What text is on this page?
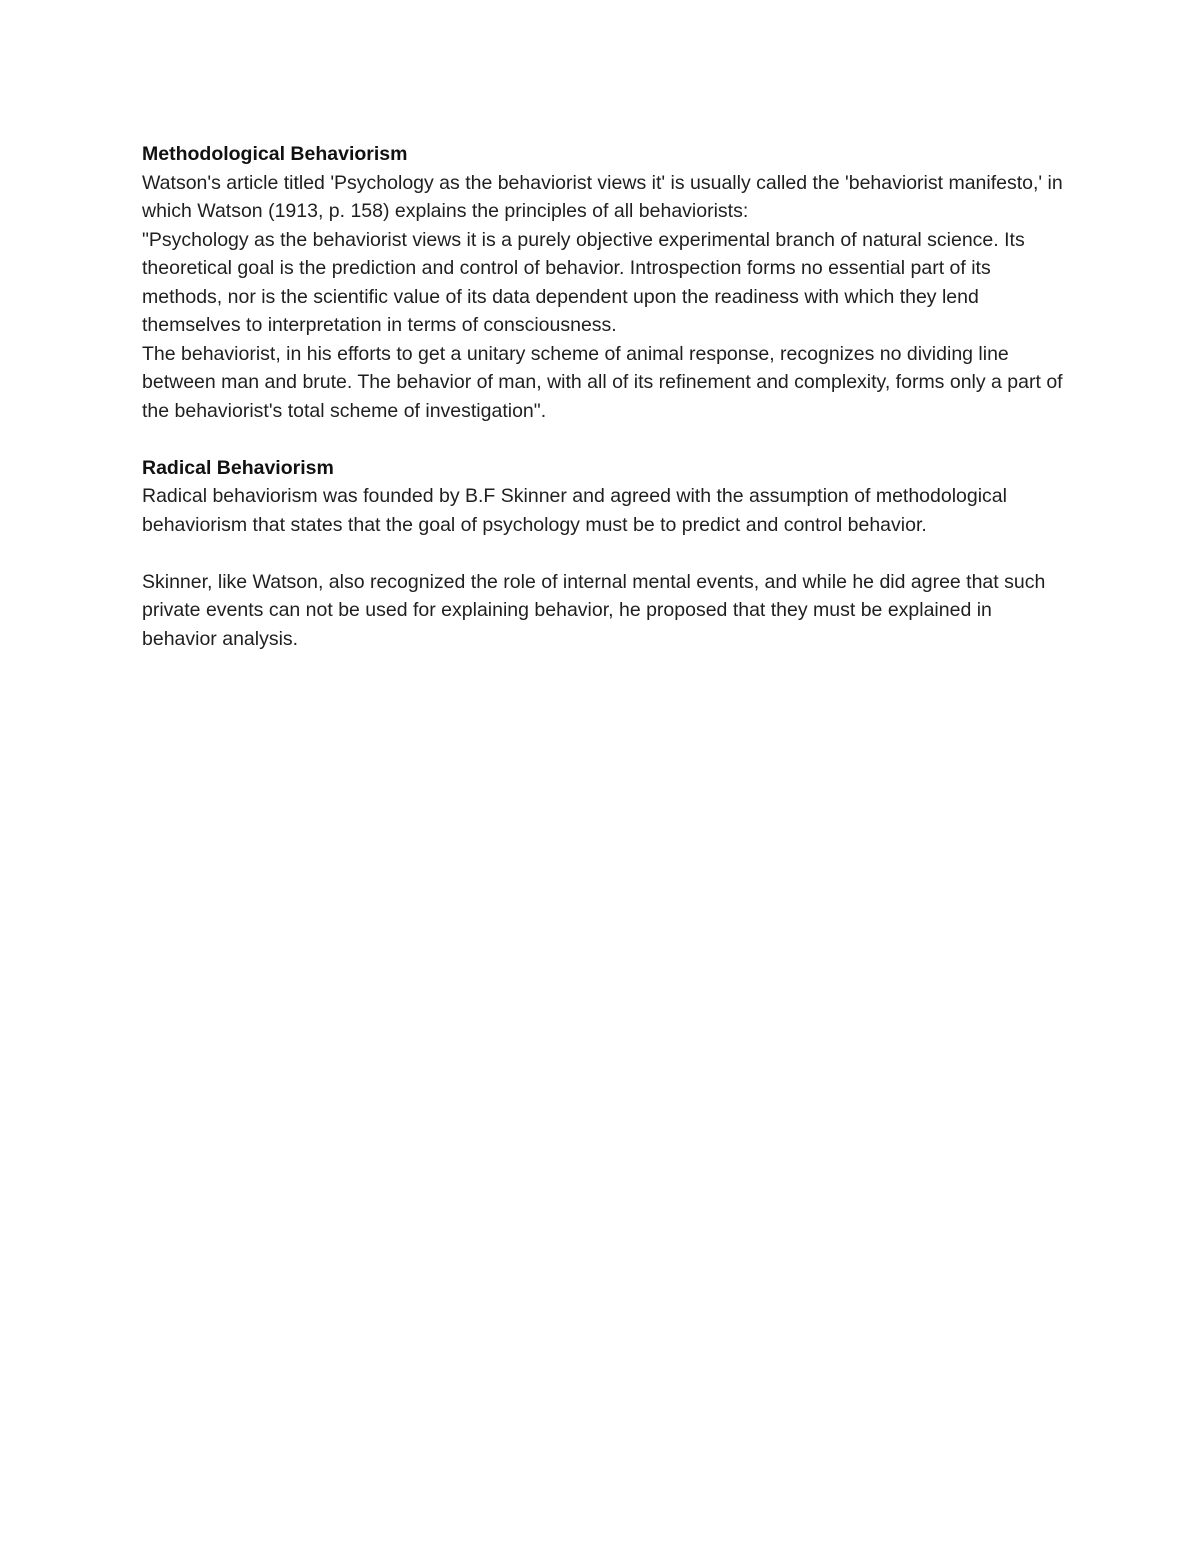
Methodological Behaviorism

Watson's article titled 'Psychology as the behaviorist views it' is usually called the 'behaviorist manifesto,' in which Watson (1913, p. 158) explains the principles of all behaviorists:

"Psychology as the behaviorist views it is a purely objective experimental branch of natural science. Its theoretical goal is the prediction and control of behavior. Introspection forms no essential part of its methods, nor is the scientific value of its data dependent upon the readiness with which they lend themselves to interpretation in terms of consciousness.

The behaviorist, in his efforts to get a unitary scheme of animal response, recognizes no dividing line between man and brute. The behavior of man, with all of its refinement and complexity, forms only a part of the behaviorist's total scheme of investigation".

Radical Behaviorism

Radical behaviorism was founded by B.F Skinner and agreed with the assumption of methodological behaviorism that states that the goal of psychology must be to predict and control behavior.

Skinner, like Watson, also recognized the role of internal mental events, and while he did agree that such private events can not be used for explaining behavior, he proposed that they must be explained in behavior analysis.
